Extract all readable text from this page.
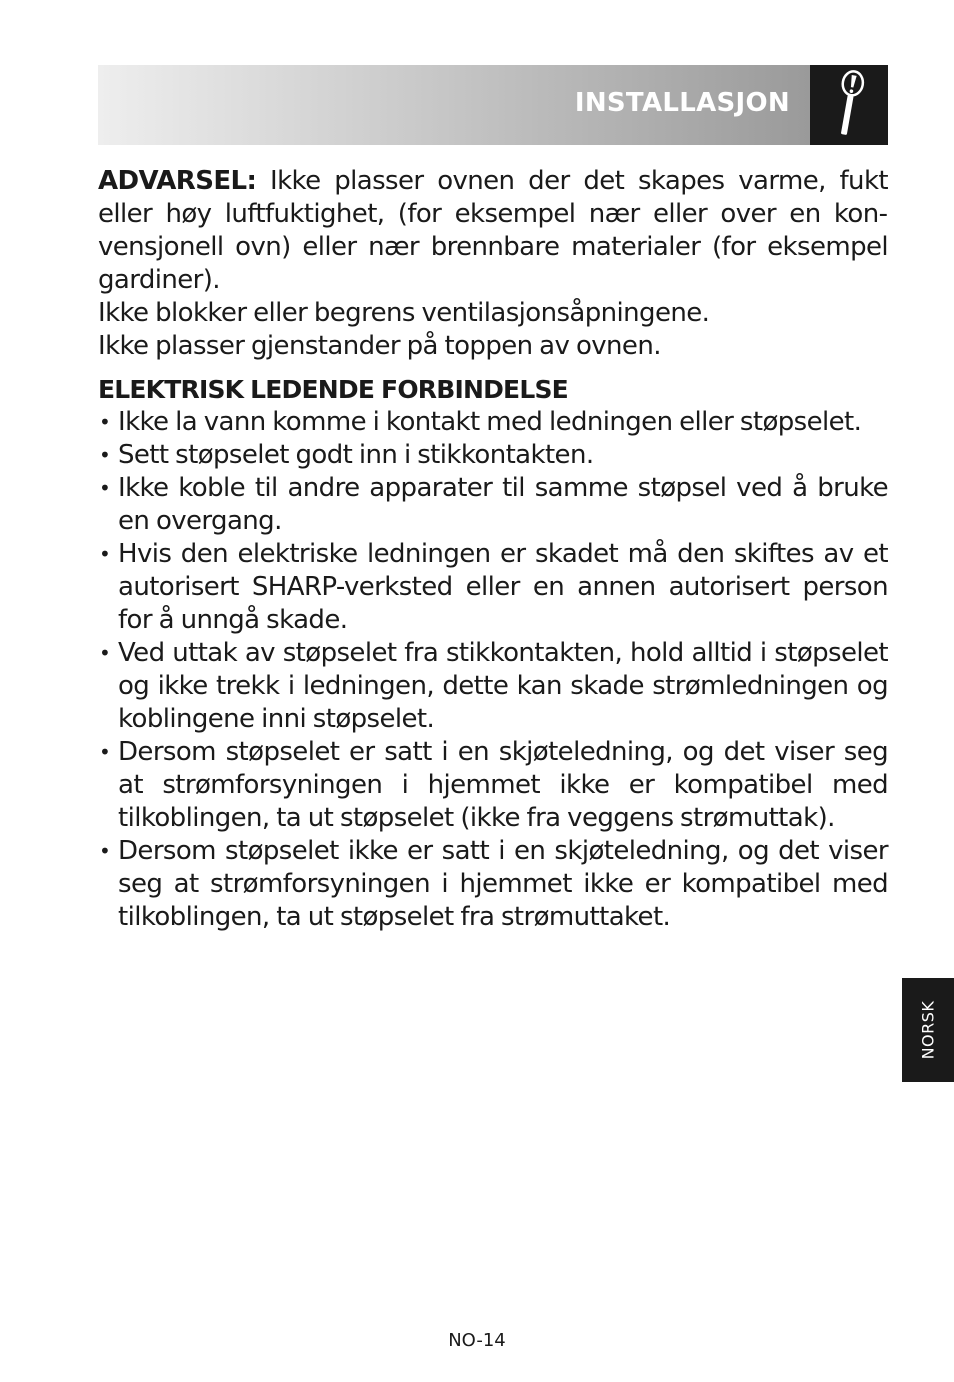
INSTALLASJON

ADVARSEL: Ikke plasser ovnen der det skapes varme, fukt eller høy luftfuktighet, (for eksempel nær eller over en konvensjonell ovn) eller nær brennbare materialer (for eksempel gardiner).

Ikke blokker eller begrens ventilasjonsåpningene.

Ikke plasser gjenstander på toppen av ovnen.

ELEKTRISK LEDENDE FORBINDELSE
• Ikke la vann komme i kontakt med ledningen eller støpselet.
• Sett støpselet godt inn i stikkontakten.
• Ikke koble til andre apparater til samme støpsel ved å bruke en overgang.
• Hvis den elektriske ledningen er skadet må den skiftes av et autorisert SHARP-verksted eller en annen autorisert person for å unngå skade.
• Ved uttak av støpselet fra stikkontakten, hold alltid i støpselet og ikke trekk i ledningen, dette kan skade strømledningen og koblingene inni støpselet.
• Dersom støpselet er satt i en skjøteledning, og det viser seg at strømforsyningen i hjemmet ikke er kompatibel med tilkoblingen, ta ut støpselet (ikke fra veggens strømuttak).
• Dersom støpselet ikke er satt i en skjøteledning, og det viser seg at strømforsyningen i hjemmet ikke er kompatibel med tilkoblingen, ta ut støpselet fra strømuttaket.
NORSK
NO-14
